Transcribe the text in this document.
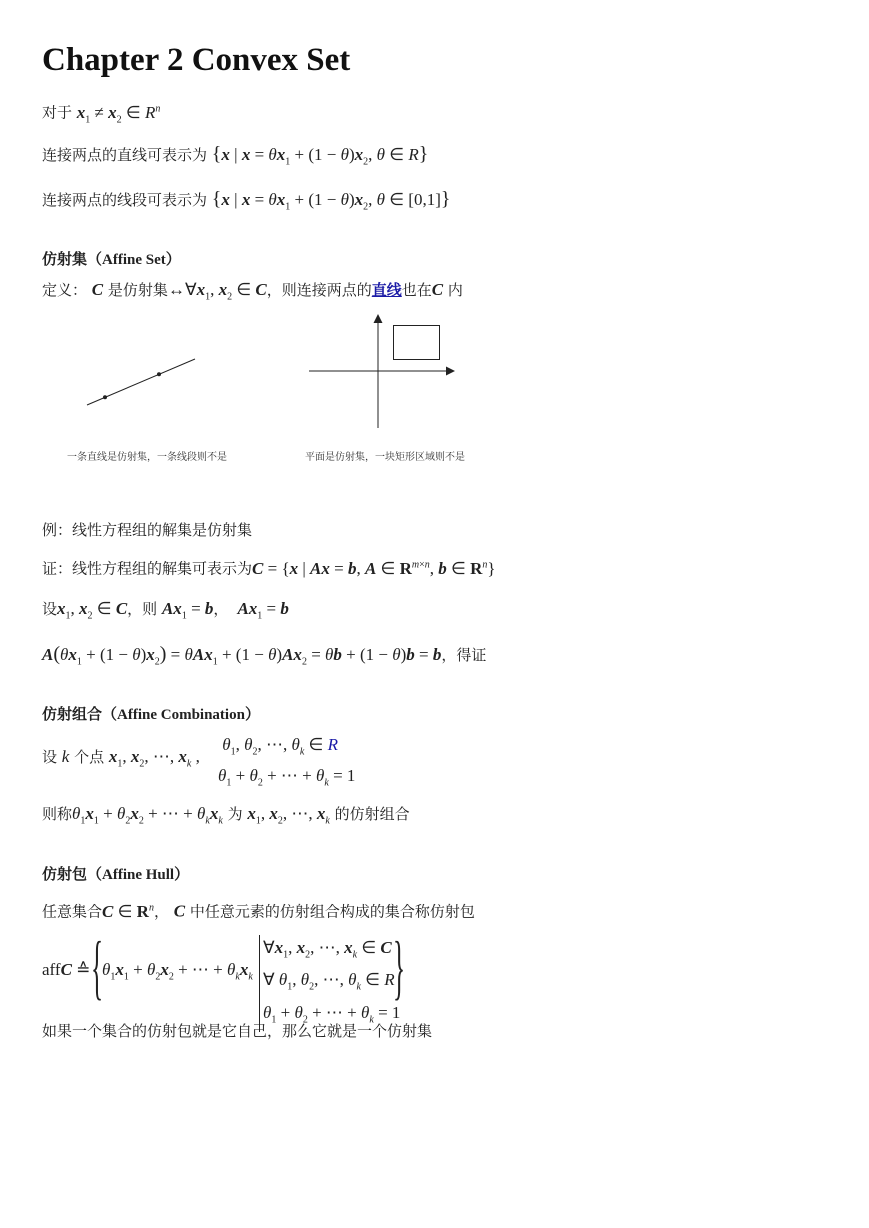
Chapter 2 Convex Set
对于 $x_1 \ne x_2$ ∈ $R^n$
连接两点的直线可表示为 {x | $x = \theta x_1 + (1 - \theta)x_2$, θ ∈ R}
连接两点的线段可表示为 {x | $x = \theta x_1 + (1 - \theta)x_2$, θ ∈ [0,1]}
仿射集（Affine Set）
定义： C 是仿射集$\leftrightarrow\forall x_1$, $x_2$ ∈ C，则连接两点的直线也在C 内
一条直线是仿射集，一条线段则不是	平面是仿射集，一块矩形区域则不是
例：线性方程组的解集是仿射集
证：线性方程组的解集可表示为C = {x | Ax = b, A ∈ $R^{m\times n}$, b ∈ $R^n$}
设$x_1$, $x_2$ ∈ C，则 $Ax_1 = b$， $Ax_1 = b$
$A(\theta x_1 + (1 - \theta)x_2) = \theta Ax_1 + (1 - \theta)Ax_2 = \theta b + (1 - \theta)b = b$，得证
仿射组合（Affine Combination）
设 k 个点 $x_1$, $x_2$, ⋯, $x_k$ ,
$\theta_1$, $\theta_2$, ⋯, $\theta_k$ ∈ R
$\theta_1 + \theta_2$ + ⋯ + $\theta_k = 1$
则称$\theta_1x_1 + \theta_2x_2$ + ⋯ + $\theta_kx_k$ 为 $x_1$, $x_2$, ⋯, $x_k$ 的仿射组合
仿射包（Affine Hull）
任意集合C ∈ $R^n$， C 中任意元素的仿射组合构成的集合称仿射包
affC ≙ {
$\theta_1x_1 + \theta_2x_2$ + ⋯ + $\theta_kx_k$
$\forall x_1$, $x_2$, ⋯, $x_k$ ∈ C
∀ $\theta_1$, $\theta_2$, ⋯, $\theta_k$ ∈ R
$\theta_1 + \theta_2$ + ⋯ + $\theta_k = 1$
}
如果一个集合的仿射包就是它自己，那么它就是一个仿射集
